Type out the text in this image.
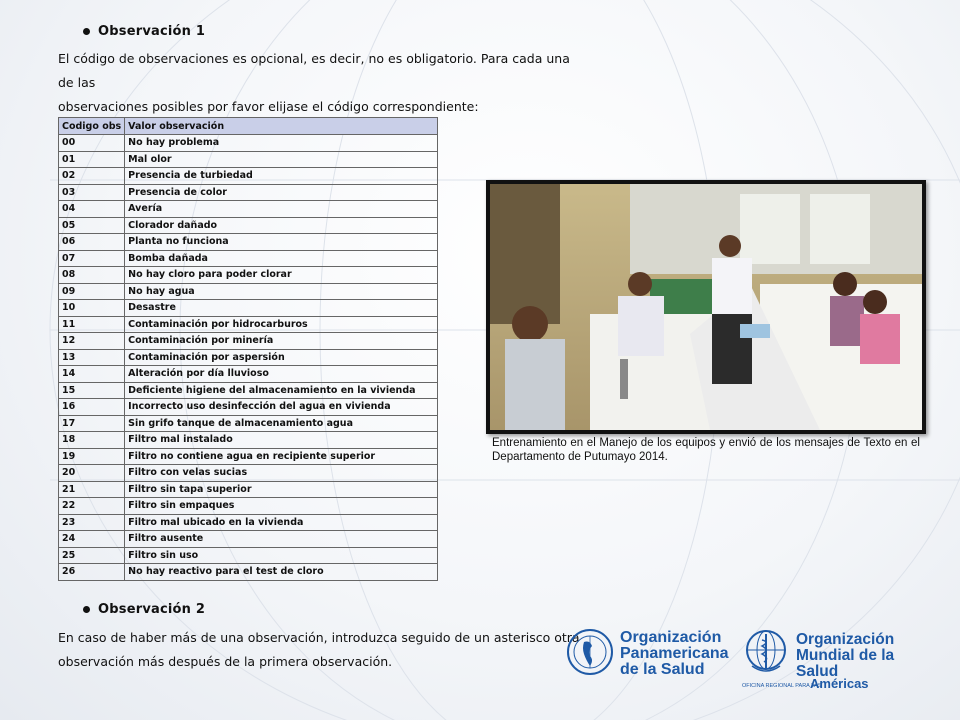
Observación 1
El código de observaciones es opcional, es decir, no es obligatorio. Para cada una de las
observaciones posibles por favor elijase el código correspondiente:
Codigo obs	Valor observación
00	No hay problema
01	Mal olor
02	Presencia de turbiedad
03	Presencia de color
04	Avería
05	Clorador dañado
06	Planta no funciona
07	Bomba dañada
08	No hay cloro para poder clorar
09	No hay agua
10	Desastre
11	Contaminación por hidrocarburos
12	Contaminación por minería
13	Contaminación por aspersión
14	Alteración por día lluvioso
15	Deficiente higiene del almacenamiento en la vivienda
16	Incorrecto uso desinfección del agua en vivienda
17	Sin grifo tanque de almacenamiento agua
18	Filtro mal instalado
19	Filtro no contiene agua en recipiente superior
20	Filtro con velas sucias
21	Filtro sin tapa superior
22	Filtro sin empaques
23	Filtro mal ubicado en la vivienda
24	Filtro ausente
25	Filtro sin uso
26	No hay reactivo para el test de cloro
Entrenamiento en el Manejo de los equipos y envió de los mensajes de Texto en el Departamento de Putumayo 2014.
Observación 2
En caso de haber más de una observación, introduzca seguido de un asterisco otra
observación más después de la primera observación.
Organización
Panamericana
de la Salud
Organización
Mundial de la Salud
OFICINA REGIONAL PARA LAS
Américas
